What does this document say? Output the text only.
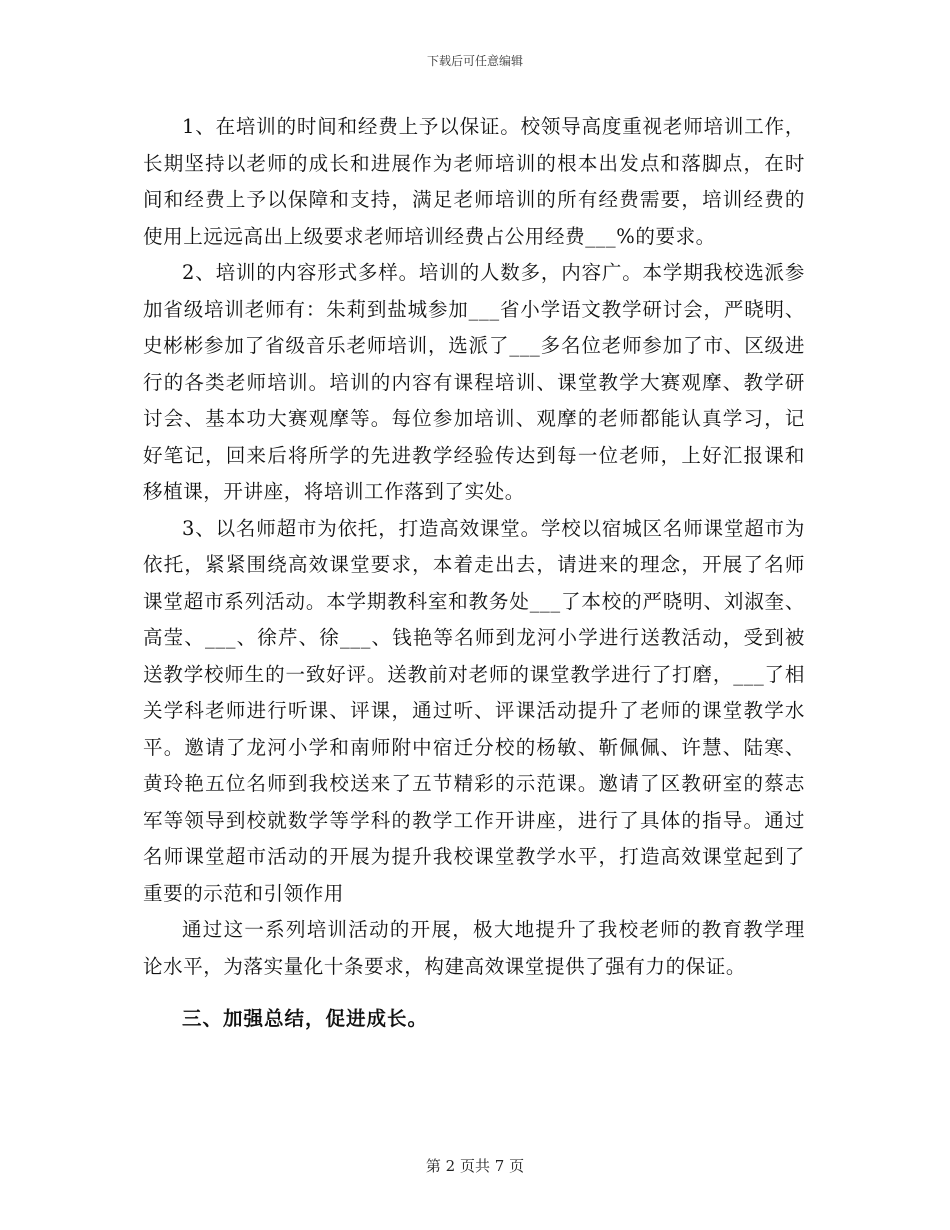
下载后可任意编辑

1、在培训的时间和经费上予以保证。校领导高度重视老师培训工作，长期坚持以老师的成长和进展作为老师培训的根本出发点和落脚点，在时间和经费上予以保障和支持，满足老师培训的所有经费需要，培训经费的使用上远远高出上级要求老师培训经费占公用经费___%的要求。

2、培训的内容形式多样。培训的人数多，内容广。本学期我校选派参加省级培训老师有：朱莉到盐城参加___省小学语文教学研讨会，严晓明、史彬彬参加了省级音乐老师培训，选派了___多名位老师参加了市、区级进行的各类老师培训。培训的内容有课程培训、课堂教学大赛观摩、教学研讨会、基本功大赛观摩等。每位参加培训、观摩的老师都能认真学习，记好笔记，回来后将所学的先进教学经验传达到每一位老师，上好汇报课和移植课，开讲座，将培训工作落到了实处。

3、以名师超市为依托，打造高效课堂。学校以宿城区名师课堂超市为依托，紧紧围绕高效课堂要求，本着走出去，请进来的理念，开展了名师课堂超市系列活动。本学期教科室和教务处___了本校的严晓明、刘淑奎、高莹、___、徐芹、徐___、钱艳等名师到龙河小学进行送教活动，受到被送教学校师生的一致好评。送教前对老师的课堂教学进行了打磨，___了相关学科老师进行听课、评课，通过听、评课活动提升了老师的课堂教学水平。邀请了龙河小学和南师附中宿迁分校的杨敏、靳佩佩、许慧、陆寒、黄玲艳五位名师到我校送来了五节精彩的示范课。邀请了区教研室的蔡志军等领导到校就数学等学科的教学工作开讲座，进行了具体的指导。通过名师课堂超市活动的开展为提升我校课堂教学水平，打造高效课堂起到了重要的示范和引领作用

通过这一系列培训活动的开展，极大地提升了我校老师的教育教学理论水平，为落实量化十条要求，构建高效课堂提供了强有力的保证。

三、加强总结，促进成长。

第 2 页共 7 页
